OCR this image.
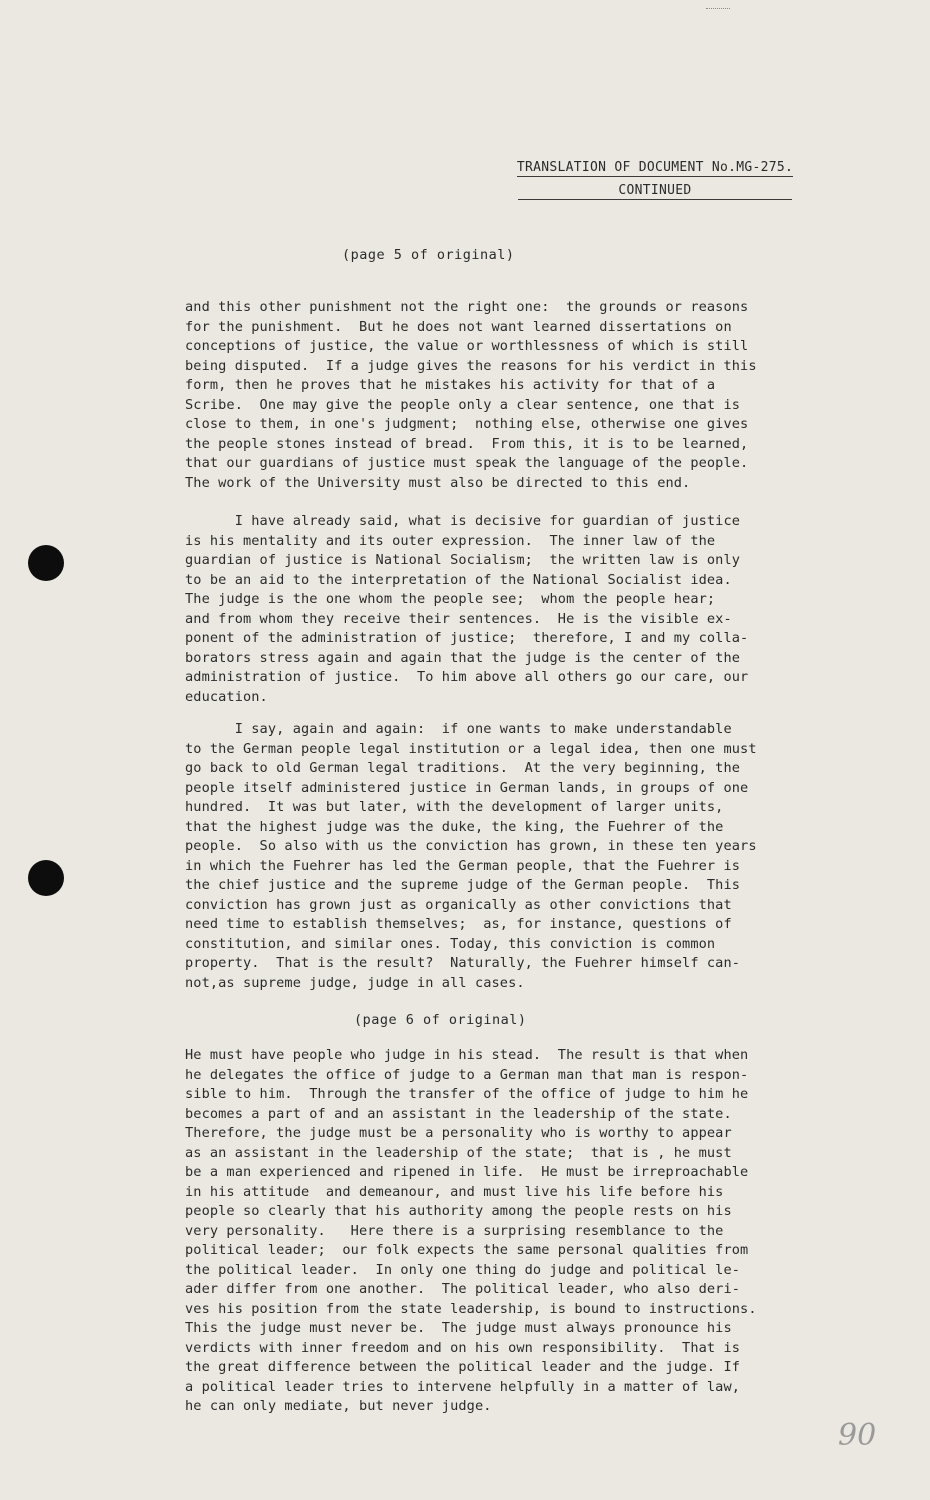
TRANSLATION OF DOCUMENT No.MG-275.
CONTINUED
(page 5 of original)
and this other punishment not the right one:  the grounds or reasons
for the punishment.  But he does not want learned dissertations on
conceptions of justice, the value or worthlessness of which is still
being disputed.  If a judge gives the reasons for his verdict in this
form, then he proves that he mistakes his activity for that of a
Scribe.  One may give the people only a clear sentence, one that is
close to them, in one's judgment;  nothing else, otherwise one gives
the people stones instead of bread.  From this, it is to be learned,
that our guardians of justice must speak the language of the people.
The work of the University must also be directed to this end.
I have already said, what is decisive for guardian of justice
is his mentality and its outer expression.  The inner law of the
guardian of justice is National Socialism;  the written law is only
to be an aid to the interpretation of the National Socialist idea.
The judge is the one whom the people see;  whom the people hear;
and from whom they receive their sentences.  He is the visible ex-
ponent of the administration of justice;  therefore, I and my colla-
borators stress again and again that the judge is the center of the
administration of justice.  To him above all others go our care, our
education.
I say, again and again:  if one wants to make understandable
to the German people legal institution or a legal idea, then one must
go back to old German legal traditions.  At the very beginning, the
people itself administered justice in German lands, in groups of one
hundred.  It was but later, with the development of larger units,
that the highest judge was the duke, the king, the Fuehrer of the
people.  So also with us the conviction has grown, in these ten years
in which the Fuehrer has led the German people, that the Fuehrer is
the chief justice and the supreme judge of the German people.  This
conviction has grown just as organically as other convictions that
need time to establish themselves;  as, for instance, questions of
constitution, and similar ones. Today, this conviction is common
property.  That is the result?  Naturally, the Fuehrer himself can-
not,as supreme judge, judge in all cases.
(page 6 of original)
He must have people who judge in his stead.  The result is that when
he delegates the office of judge to a German man that man is respon-
sible to him.  Through the transfer of the office of judge to him he
becomes a part of and an assistant in the leadership of the state.
Therefore, the judge must be a personality who is worthy to appear
as an assistant in the leadership of the state;  that is , he must
be a man experienced and ripened in life.  He must be irreproachable
in his attitude  and demeanour, and must live his life before his
people so clearly that his authority among the people rests on his
very personality.   Here there is a surprising resemblance to the
political leader;  our folk expects the same personal qualities from
the political leader.  In only one thing do judge and political le-
ader differ from one another.  The political leader, who also deri-
ves his position from the state leadership, is bound to instructions.
This the judge must never be.  The judge must always pronounce his
verdicts with inner freedom and on his own responsibility.  That is
the great difference between the political leader and the judge. If
a political leader tries to intervene helpfully in a matter of law,
he can only mediate, but never judge.
90
